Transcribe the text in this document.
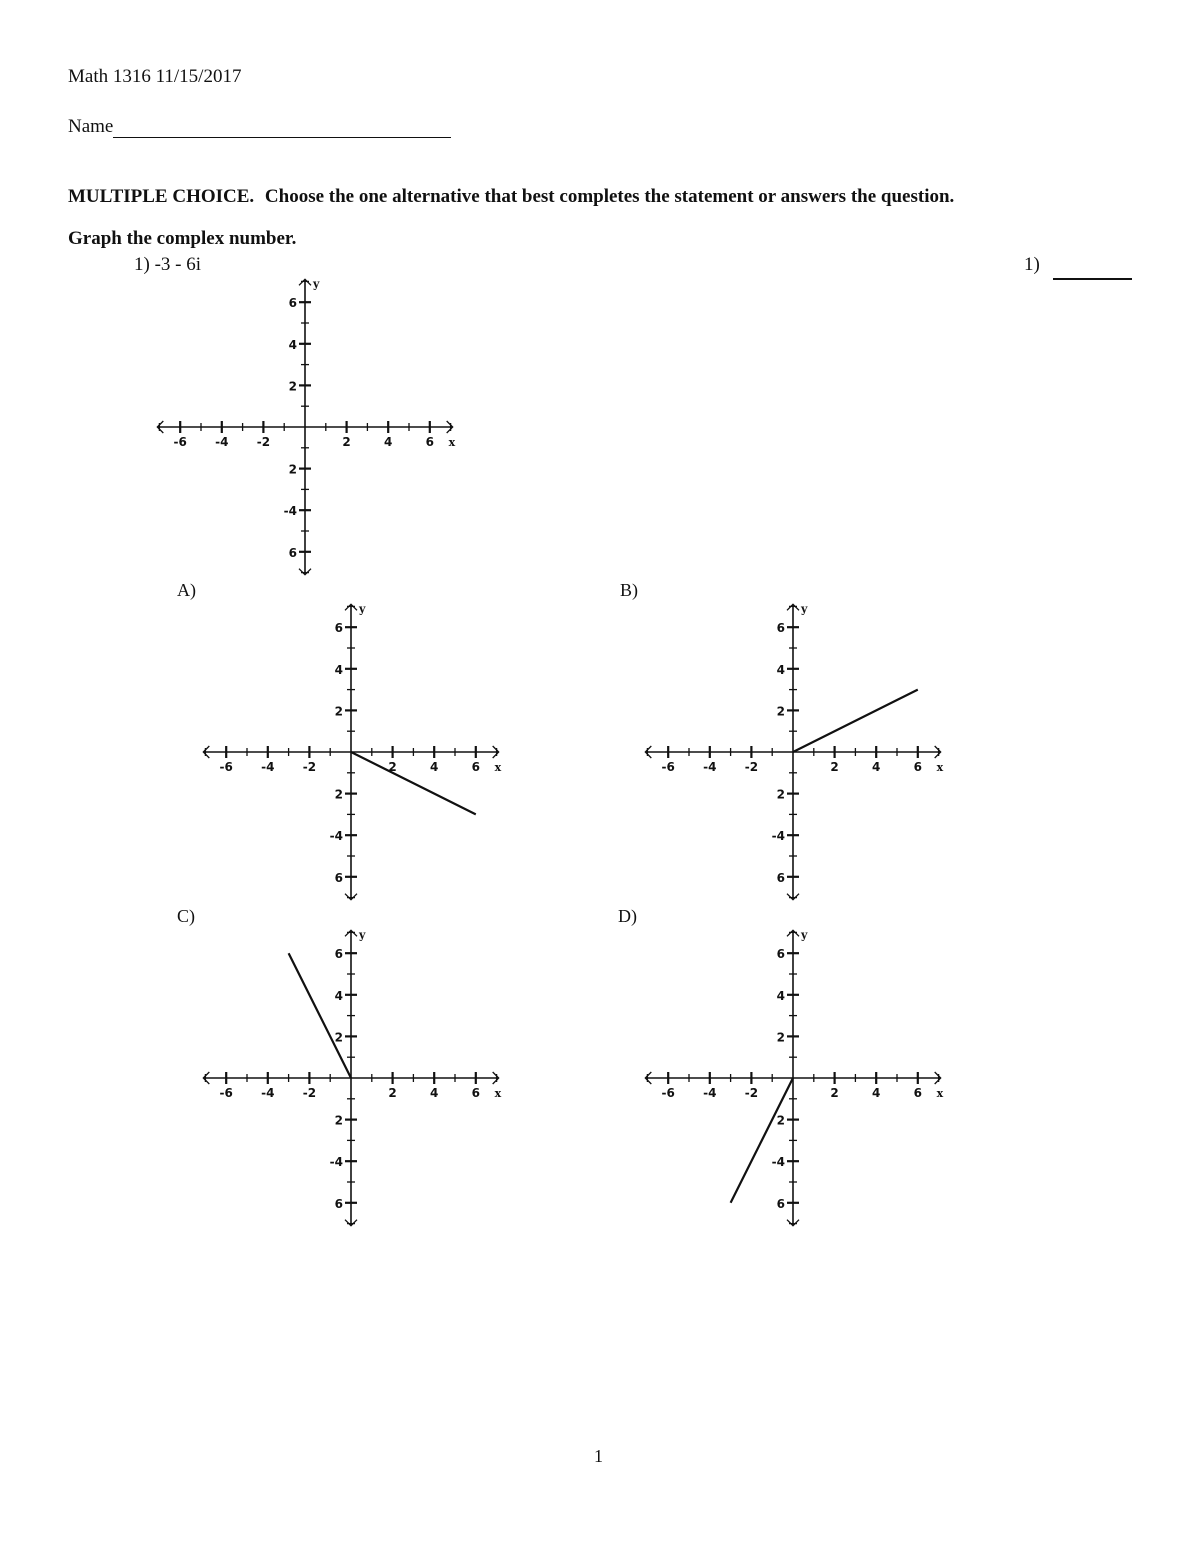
Math 1316 11/15/2017
Name
MULTIPLE CHOICE. Choose the one alternative that best completes the statement or answers the question.
Graph the complex number.
1) -3 - 6i	1)
A)	B)
C)	D)
-6 -4 -2	2	4	6
6
4
2
2
-4
6
x
y
-6 -4 -2	2	4	6
6
4
2
2
-4
6
x
y
-6 -4 -2	2	4	6
6
4
2
2
-4
6
x
y
-6 -4 -2	2	4	6
6
4
2
2
-4
6
x
y
-6 -4 -2	2	4	6
6
4
2
2
-4
6
x
y
1
